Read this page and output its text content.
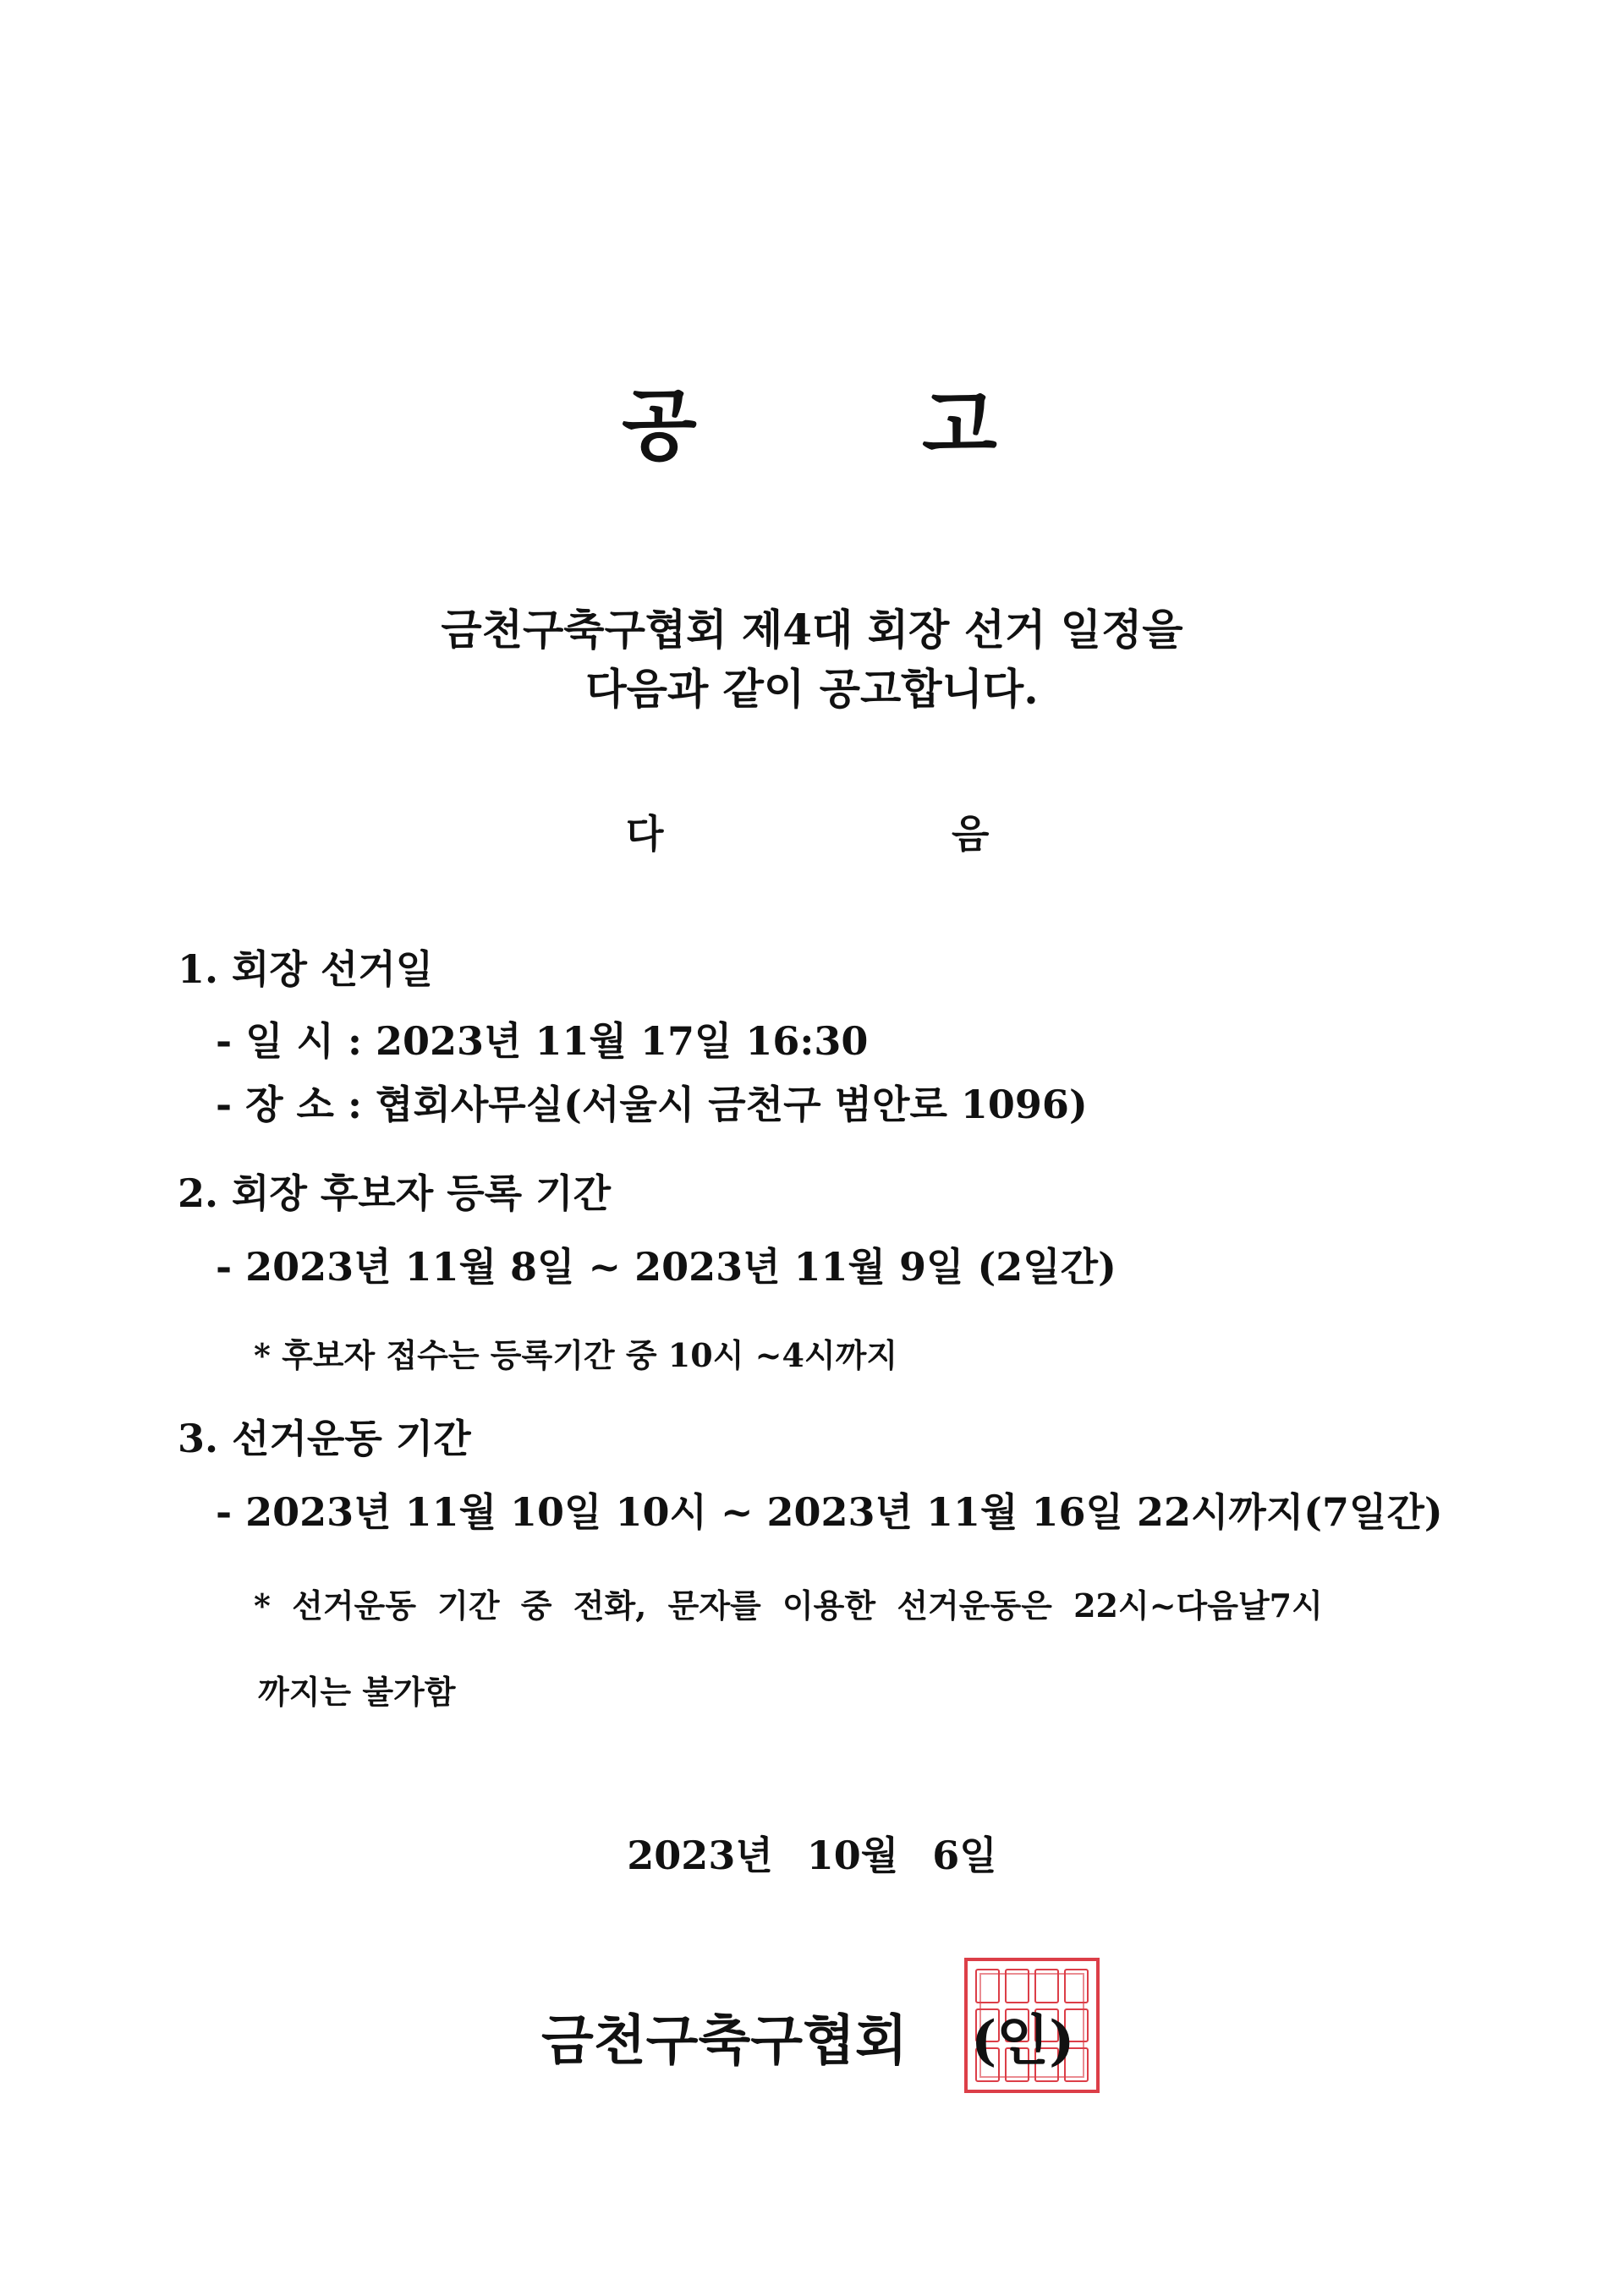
공	고
금천구축구협회 제4대 회장 선거 일정을
다음과 같이 공고합니다.
다	음
1. 회장 선거일
- 일 시 : 2023년 11월 17일 16:30
- 장 소 : 협회사무실(서울시 금천구 범안로 1096)
2. 회장 후보자 등록 기간
- 2023년 11월 8일 ~ 2023년 11월 9일 (2일간)
* 후보자 접수는 등록기간 중 10시 ~4시까지
3. 선거운동 기간
- 2023년 11월 10일 10시 ~ 2023년 11월 16일 22시까지(7일간)
* 선거운동 기간 중 전화, 문자를 이용한 선거운동은 22시~다음날7시
까지는 불가함
2023년 10월 6일
금천구축구협회 (인)
